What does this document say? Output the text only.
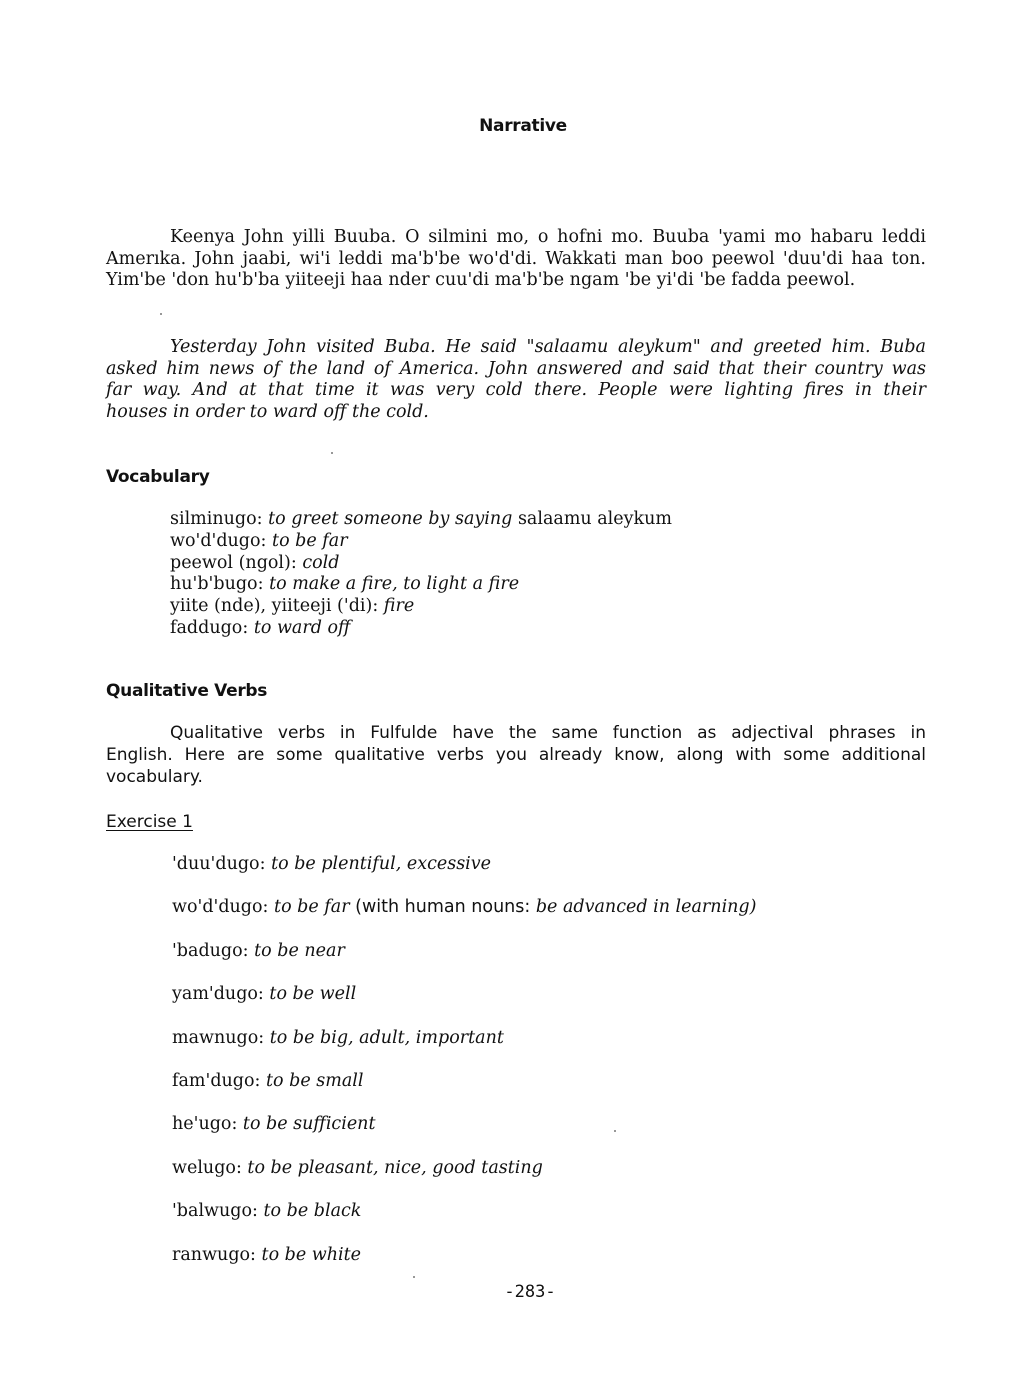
Narrative

Keenya John yilli Buuba. O silmini mo, o hofni mo. Buuba 'yami mo habaru leddi
Amerıka. John jaabi, wi'i leddi ma'b'be wo'd'di. Wakkati man boo peewol 'duu'di haa ton.
Yim'be 'don hu'b'ba yiiteeji haa nder cuu'di ma'b'be ngam 'be yi'di 'be fadda peewol.

Yesterday John visited Buba. He said "salaamu aleykum" and greeted him. Buba
asked him news of the land of America. John answered and said that their country was
far way. And at that time it was very cold there. People were lighting fires in their
houses in order to ward off the cold.

Vocabulary
silminugo: to greet someone by saying salaamu aleykum
wo'd'dugo: to be far
peewol (ngol): cold
hu'b'bugo: to make a fire, to light a fire
yiite (nde), yiiteeji ('di): fire
faddugo: to ward off
Qualitative Verbs

Qualitative verbs in Fulfulde have the same function as adjectival phrases in
English. Here are some qualitative verbs you already know, along with some additional
vocabulary.

Exercise 1

'duu'dugo: to be plentiful, excessive
wo'd'dugo: to be far (with human nouns: be advanced in learning)
'badugo: to be near
yam'dugo: to be well
mawnugo: to be big, adult, important
fam'dugo: to be small
he'ugo: to be sufficient
welugo: to be pleasant, nice, good tasting
'balwugo: to be black
ranwugo: to be white

-283-
